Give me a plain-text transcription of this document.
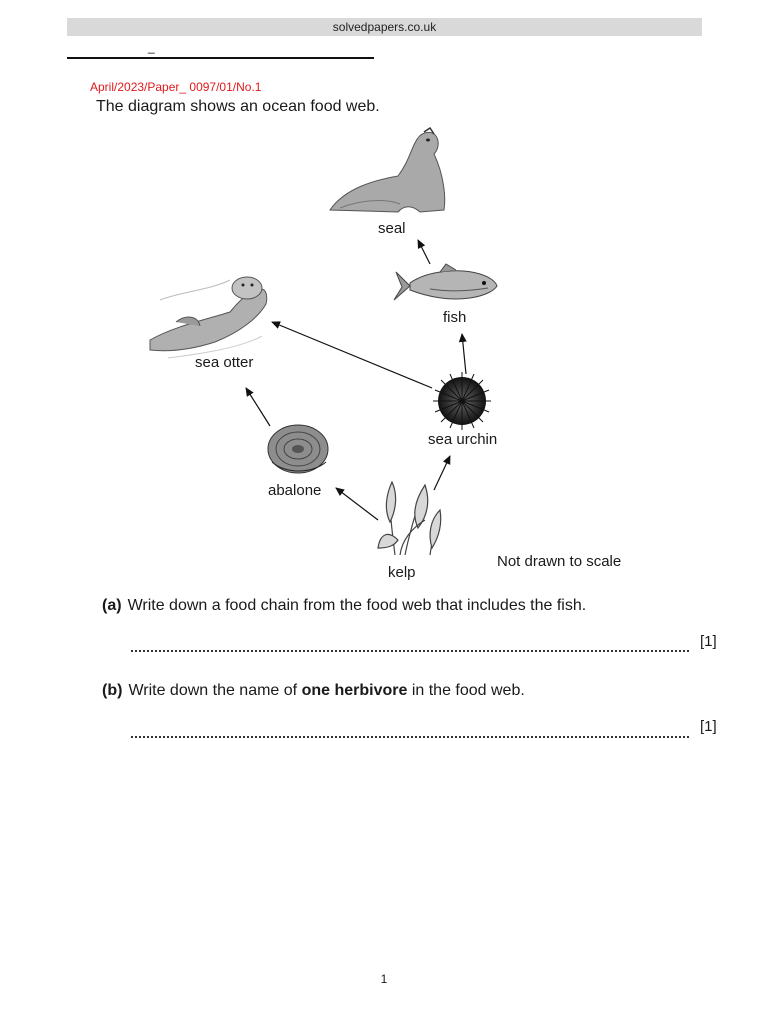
solvedpapers.co.uk
_
April/2023/Paper_ 0097/01/No.1
The diagram shows an ocean food web.
seal
fish
sea otter
sea urchin
abalone
kelp
Not drawn to scale
(a) Write down a food chain from the food web that includes the fish.
[1]
(b) Write down the name of one herbivore in the food web.
[1]
1
